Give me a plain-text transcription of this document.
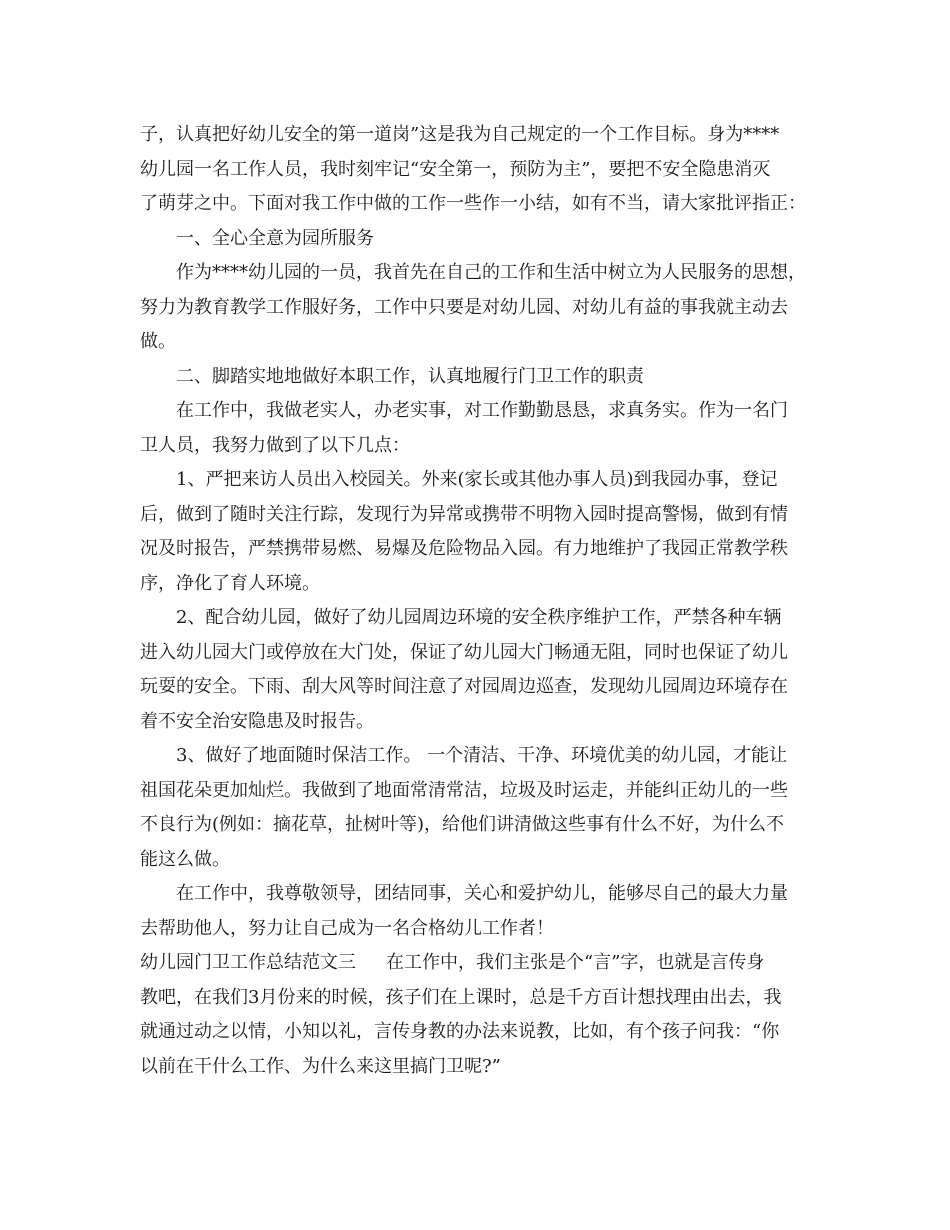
子，认真把好幼儿安全的第一道岗”这是我为自己规定的一个工作目标。身为****
幼儿园一名工作人员，我时刻牢记“安全第一，预防为主”，要把不安全隐患消灭
了萌芽之中。下面对我工作中做的工作一些作一小结，如有不当，请大家批评指正：
一、全心全意为园所服务
作为****幼儿园的一员，我首先在自己的工作和生活中树立为人民服务的思想，
努力为教育教学工作服好务，工作中只要是对幼儿园、对幼儿有益的事我就主动去
做。
二、脚踏实地地做好本职工作，认真地履行门卫工作的职责
在工作中，我做老实人，办老实事，对工作勤勤恳恳，求真务实。作为一名门
卫人员，我努力做到了以下几点：
1、严把来访人员出入校园关。外来(家长或其他办事人员)到我园办事，登记
后，做到了随时关注行踪，发现行为异常或携带不明物入园时提高警惕，做到有情
况及时报告，严禁携带易燃、易爆及危险物品入园。有力地维护了我园正常教学秩
序，净化了育人环境。
2、配合幼儿园，做好了幼儿园周边环境的安全秩序维护工作，严禁各种车辆
进入幼儿园大门或停放在大门处，保证了幼儿园大门畅通无阻，同时也保证了幼儿
玩耍的安全。下雨、刮大风等时间注意了对园周边巡查，发现幼儿园周边环境存在
着不安全治安隐患及时报告。
3、做好了地面随时保洁工作。 一个清洁、干净、环境优美的幼儿园，才能让
祖国花朵更加灿烂。我做到了地面常清常洁，垃圾及时运走，并能纠正幼儿的一些
不良行为(例如：摘花草，扯树叶等)，给他们讲清做这些事有什么不好，为什么不
能这么做。
在工作中，我尊敬领导，团结同事，关心和爱护幼儿，能够尽自己的最大力量
去帮助他人，努力让自己成为一名合格幼儿工作者！
幼儿园门卫工作总结范文三 在工作中，我们主张是个“言”字，也就是言传身
教吧，在我们3月份来的时候，孩子们在上课时，总是千方百计想找理由出去，我
就通过动之以情，小知以礼，言传身教的办法来说教，比如，有个孩子问我：“你
以前在干什么工作、为什么来这里搞门卫呢?”
